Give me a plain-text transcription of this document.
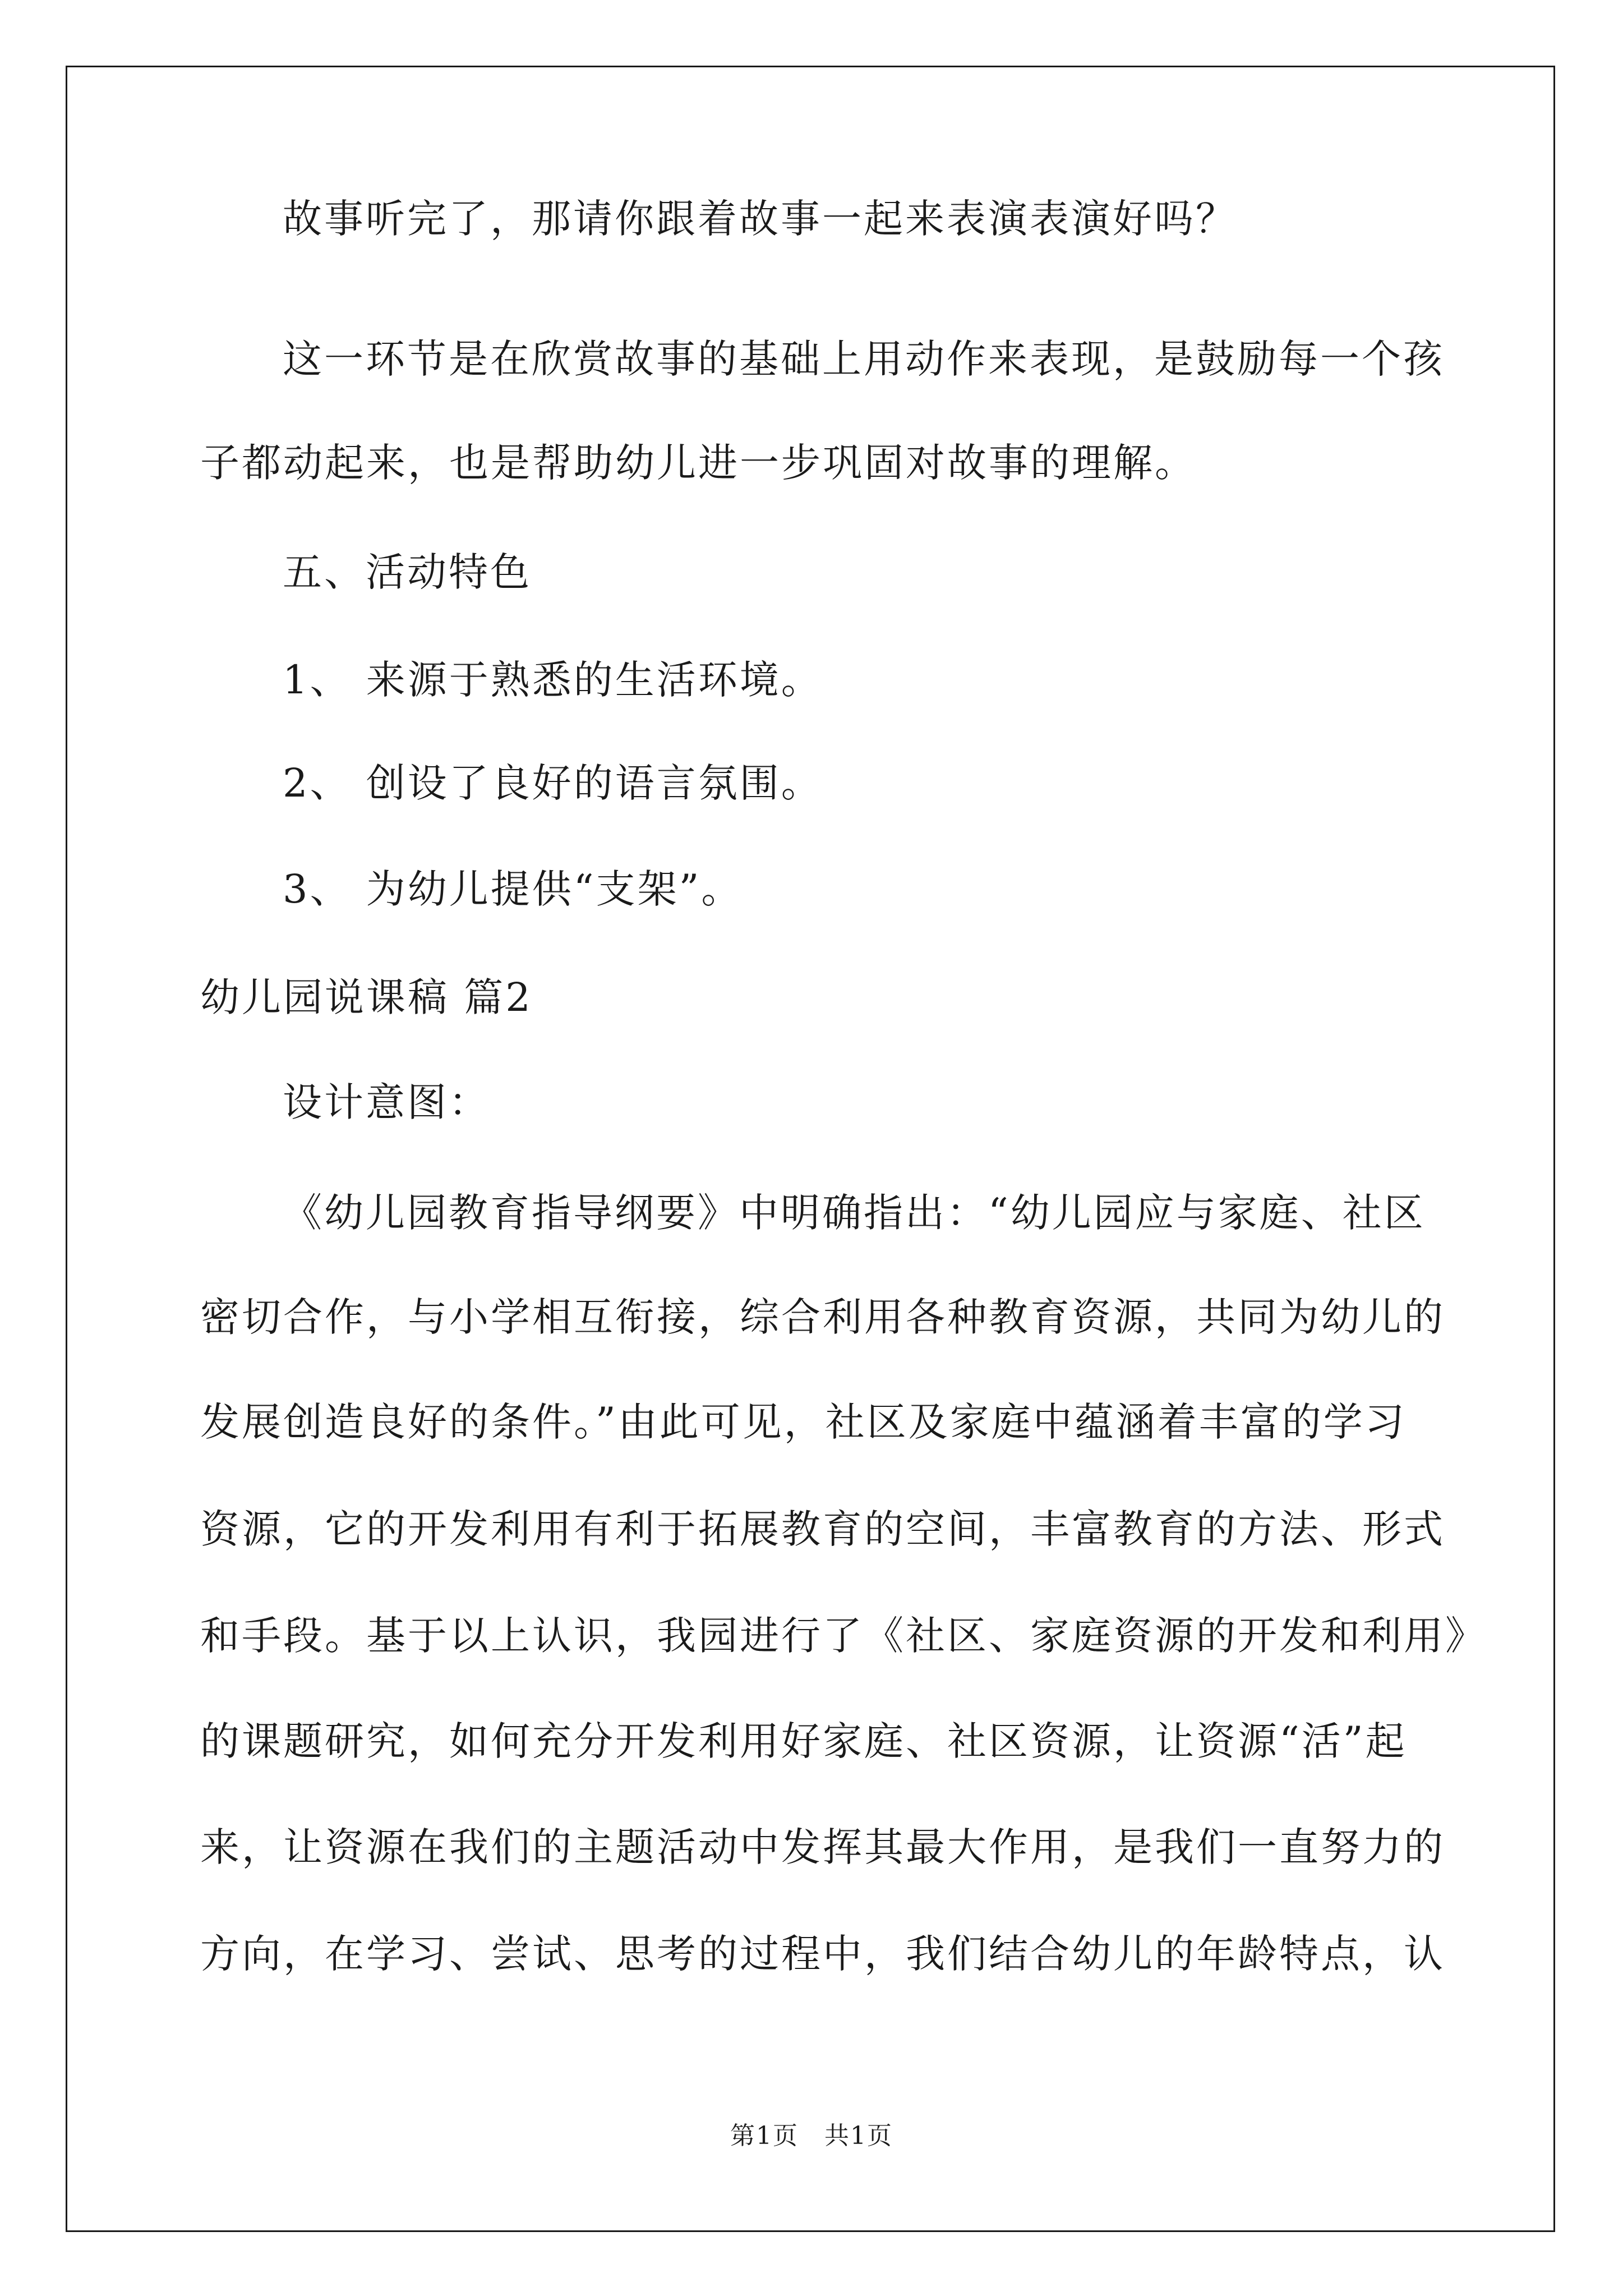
故事听完了，那请你跟着故事一起来表演表演好吗？
这一环节是在欣赏故事的基础上用动作来表现，是鼓励每一个孩
子都动起来，也是帮助幼儿进一步巩固对故事的理解。
五、活动特色
1、 来源于熟悉的生活环境。
2、 创设了良好的语言氛围。
3、 为幼儿提供“支架”。
幼儿园说课稿 篇2
设计意图：
《幼儿园教育指导纲要》中明确指出：“幼儿园应与家庭、社区
密切合作，与小学相互衔接，综合利用各种教育资源，共同为幼儿的
发展创造良好的条件。”由此可见，社区及家庭中蕴涵着丰富的学习
资源，它的开发利用有利于拓展教育的空间，丰富教育的方法、形式
和手段。基于以上认识，我园进行了《社区、家庭资源的开发和利用》
的课题研究，如何充分开发利用好家庭、社区资源，让资源“活”起
来，让资源在我们的主题活动中发挥其最大作用，是我们一直努力的
方向，在学习、尝试、思考的过程中，我们结合幼儿的年龄特点，认
第1页　共1页
